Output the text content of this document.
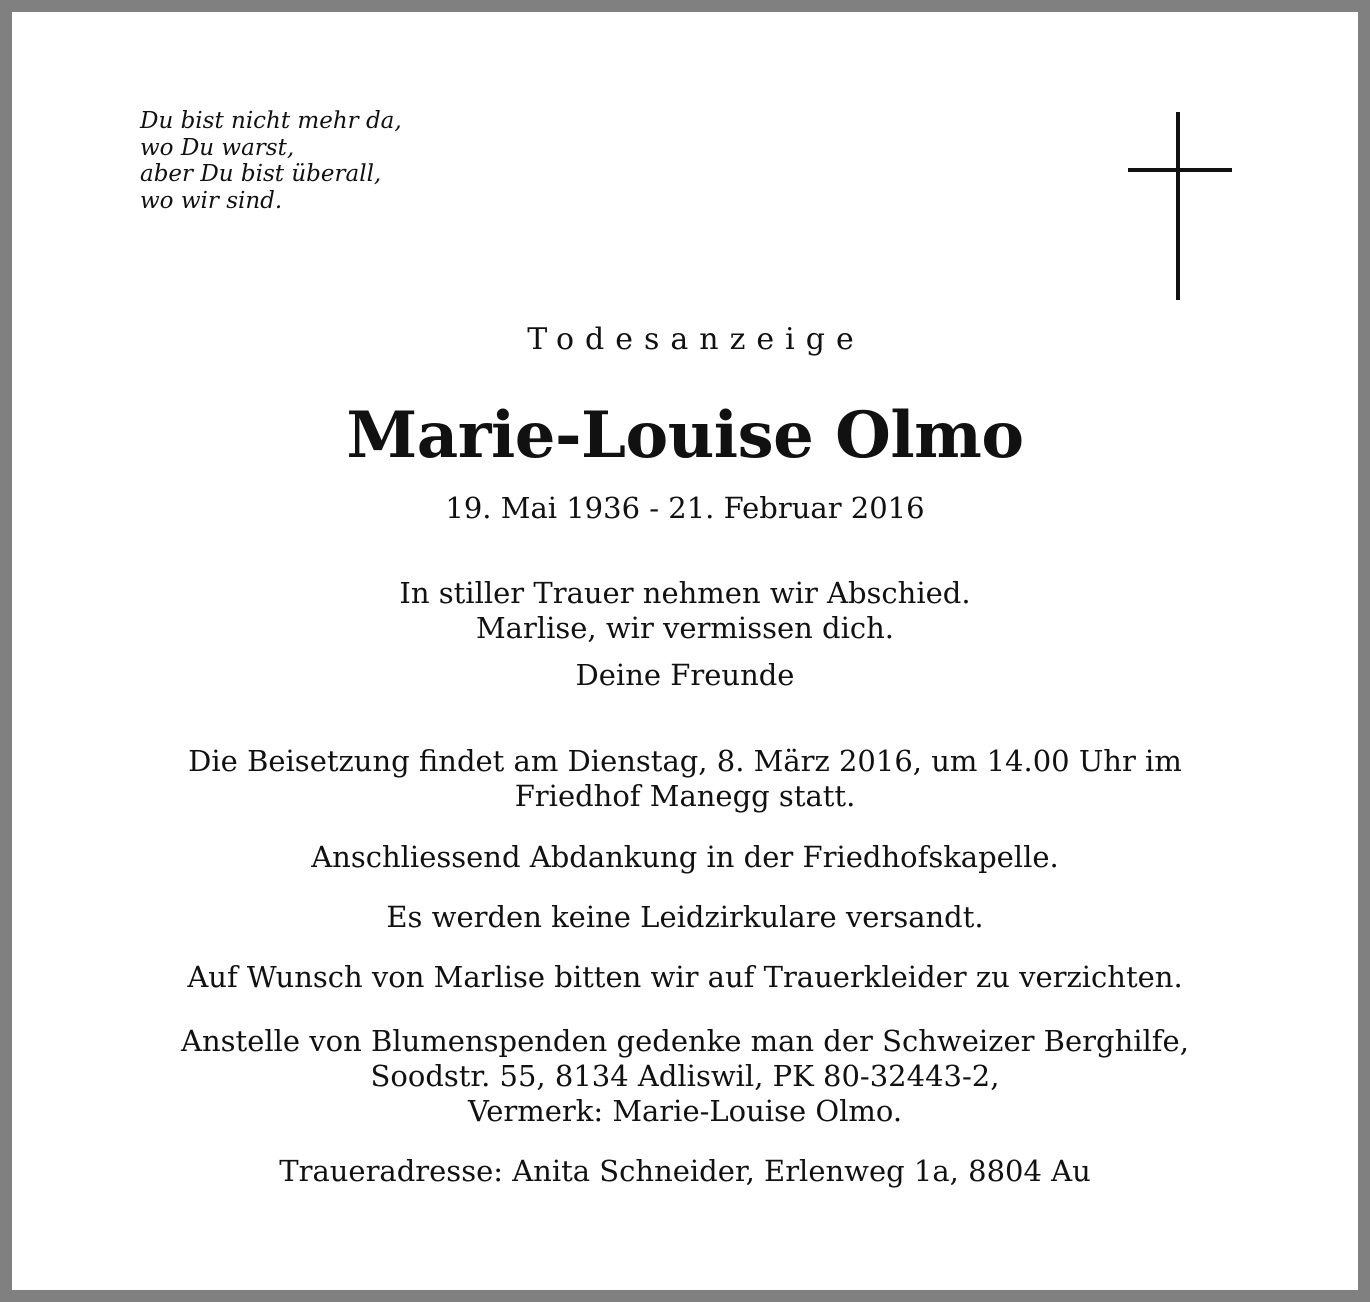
Du bist nicht mehr da,
wo Du warst,
aber Du bist überall,
wo wir sind.
Todesanzeige
Marie-Louise Olmo
19. Mai 1936 - 21. Februar 2016
In stiller Trauer nehmen wir Abschied.
Marlise, wir vermissen dich.
Deine Freunde
Die Beisetzung findet am Dienstag, 8. März 2016, um 14.00 Uhr im
Friedhof Manegg statt.
Anschliessend Abdankung in der Friedhofskapelle.
Es werden keine Leidzirkulare versandt.
Auf Wunsch von Marlise bitten wir auf Trauerkleider zu verzichten.
Anstelle von Blumenspenden gedenke man der Schweizer Berghilfe,
Soodstr. 55, 8134 Adliswil, PK 80-32443-2,
Vermerk: Marie-Louise Olmo.
Traueradresse: Anita Schneider, Erlenweg 1a, 8804 Au
